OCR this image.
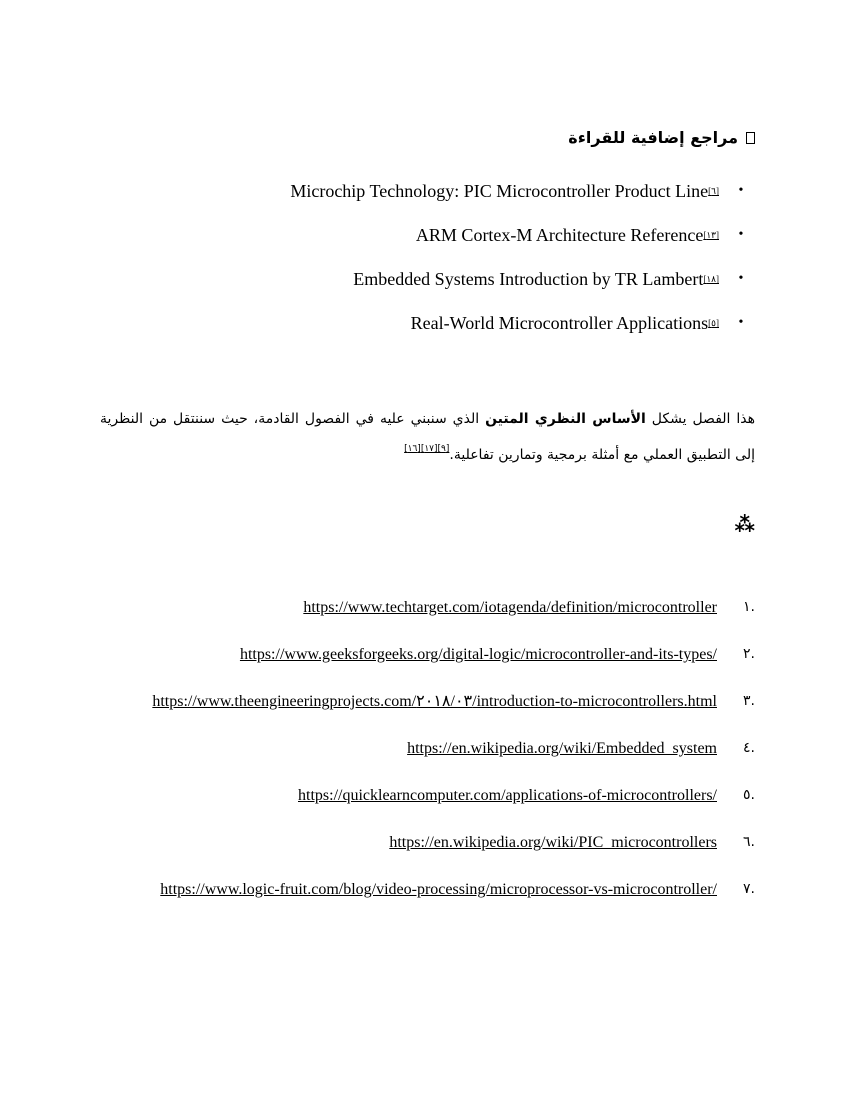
مراجع إضافية للقراءة
Microchip Technology: PIC Microcontroller Product Line [٦]	•
ARM Cortex-M Architecture Reference [١٣]	•
Embedded Systems Introduction by TR Lambert [١٨]	•
Real-World Microcontroller Applications [٥]	•

هذا الفصل يشكل الأساس النظري المتين الذي سنبني عليه في الفصول القادمة، حيث سننتقل من النظرية إلى التطبيق العملي مع أمثلة برمجية وتمارين تفاعلية.[٩][١٧][١٦]

⁂
١.
https://www.techtarget.com/iotagenda/definition/microcontroller
٢.
https://www.geeksforgeeks.org/digital-logic/microcontroller-and-its-types/
٣.
https://www.theengineeringprojects.com/٢٠١٨/٠٣/introduction-to-microcontrollers.html
٤.
https://en.wikipedia.org/wiki/Embedded_system
٥.
https://quicklearncomputer.com/applications-of-microcontrollers/
٦.
https://en.wikipedia.org/wiki/PIC_microcontrollers
٧.
https://www.logic-fruit.com/blog/video-processing/microprocessor-vs-microcontroller/
